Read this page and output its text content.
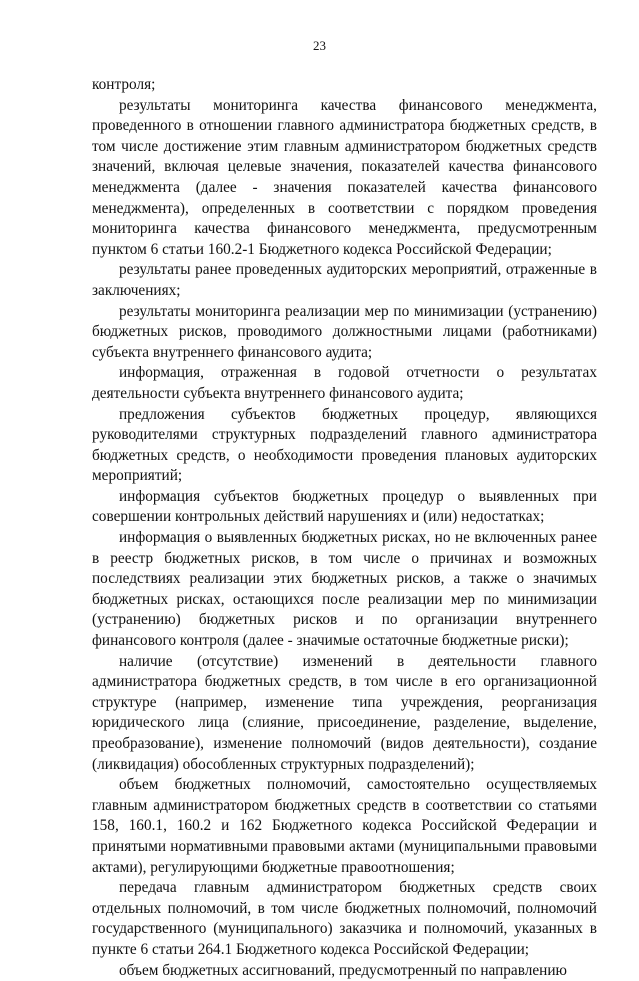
23

контроля;

результаты мониторинга качества финансового менеджмента, проведенного в отношении главного администратора бюджетных средств, в том числе достижение этим главным администратором бюджетных средств значений, включая целевые значения, показателей качества финансового менеджмента (далее - значения показателей качества финансового менеджмента), определенных в соответствии с порядком проведения мониторинга качества финансового менеджмента, предусмотренным пунктом 6 статьи 160.2-1 Бюджетного кодекса Российской Федерации;

результаты ранее проведенных аудиторских мероприятий, отраженные в заключениях;

результаты мониторинга реализации мер по минимизации (устранению) бюджетных рисков, проводимого должностными лицами (работниками) субъекта внутреннего финансового аудита;

информация, отраженная в годовой отчетности о результатах деятельности субъекта внутреннего финансового аудита;

предложения субъектов бюджетных процедур, являющихся руководителями структурных подразделений главного администратора бюджетных средств, о необходимости проведения плановых аудиторских мероприятий;

информация субъектов бюджетных процедур о выявленных при совершении контрольных действий нарушениях и (или) недостатках;

информация о выявленных бюджетных рисках, но не включенных ранее в реестр бюджетных рисков, в том числе о причинах и возможных последствиях реализации этих бюджетных рисков, а также о значимых бюджетных рисках, остающихся после реализации мер по минимизации (устранению) бюджетных рисков и по организации внутреннего финансового контроля (далее - значимые остаточные бюджетные риски);

наличие (отсутствие) изменений в деятельности главного администратора бюджетных средств, в том числе в его организационной структуре (например, изменение типа учреждения, реорганизация юридического лица (слияние, присоединение, разделение, выделение, преобразование), изменение полномочий (видов деятельности), создание (ликвидация) обособленных структурных подразделений);

объем бюджетных полномочий, самостоятельно осуществляемых главным администратором бюджетных средств в соответствии со статьями 158, 160.1, 160.2 и 162 Бюджетного кодекса Российской Федерации и принятыми нормативными правовыми актами (муниципальными правовыми актами), регулирующими бюджетные правоотношения;

передача главным администратором бюджетных средств своих отдельных полномочий, в том числе бюджетных полномочий, полномочий государственного (муниципального) заказчика и полномочий, указанных в пункте 6 статьи 264.1 Бюджетного кодекса Российской Федерации;

объем бюджетных ассигнований, предусмотренный по направлению
